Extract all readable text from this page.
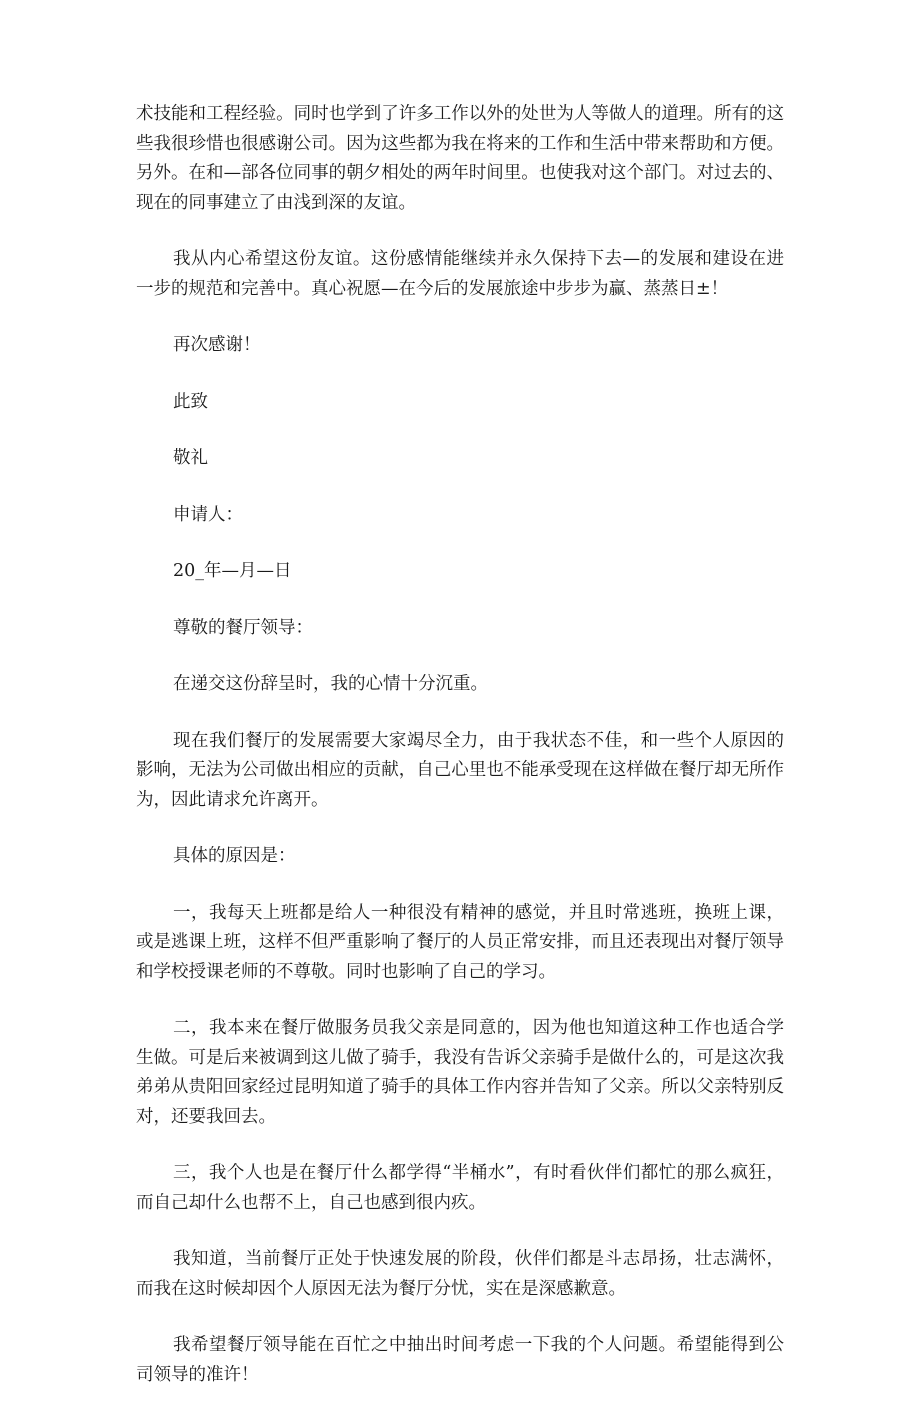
术技能和工程经验。同时也学到了许多工作以外的处世为人等做人的道理。所有的这些我很珍惜也很感谢公司。因为这些都为我在将来的工作和生活中带来帮助和方便。另外。在和—部各位同事的朝夕相处的两年时间里。也使我对这个部门。对过去的、现在的同事建立了由浅到深的友谊。

我从内心希望这份友谊。这份感情能继续并永久保持下去—的发展和建设在进一步的规范和完善中。真心祝愿—在今后的发展旅途中步步为赢、蒸蒸日±！

再次感谢！

此致

敬礼

申请人：

20_年—月—日

尊敬的餐厅领导：

在递交这份辞呈时，我的心情十分沉重。

现在我们餐厅的发展需要大家竭尽全力，由于我状态不佳，和一些个人原因的影响，无法为公司做出相应的贡献，自己心里也不能承受现在这样做在餐厅却无所作为，因此请求允许离开。

具体的原因是：

一，我每天上班都是给人一种很没有精神的感觉，并且时常逃班，换班上课，或是逃课上班，这样不但严重影响了餐厅的人员正常安排，而且还表现出对餐厅领导和学校授课老师的不尊敬。同时也影响了自己的学习。

二，我本来在餐厅做服务员我父亲是同意的，因为他也知道这种工作也适合学生做。可是后来被调到这儿做了骑手，我没有告诉父亲骑手是做什么的，可是这次我弟弟从贵阳回家经过昆明知道了骑手的具体工作内容并告知了父亲。所以父亲特别反对，还要我回去。

三，我个人也是在餐厅什么都学得“半桶水”，有时看伙伴们都忙的那么疯狂，而自己却什么也帮不上，自己也感到很内疚。

我知道，当前餐厅正处于快速发展的阶段，伙伴们都是斗志昂扬，壮志满怀，而我在这时候却因个人原因无法为餐厅分忧，实在是深感歉意。

我希望餐厅领导能在百忙之中抽出时间考虑一下我的个人问题。希望能得到公司领导的准许！
